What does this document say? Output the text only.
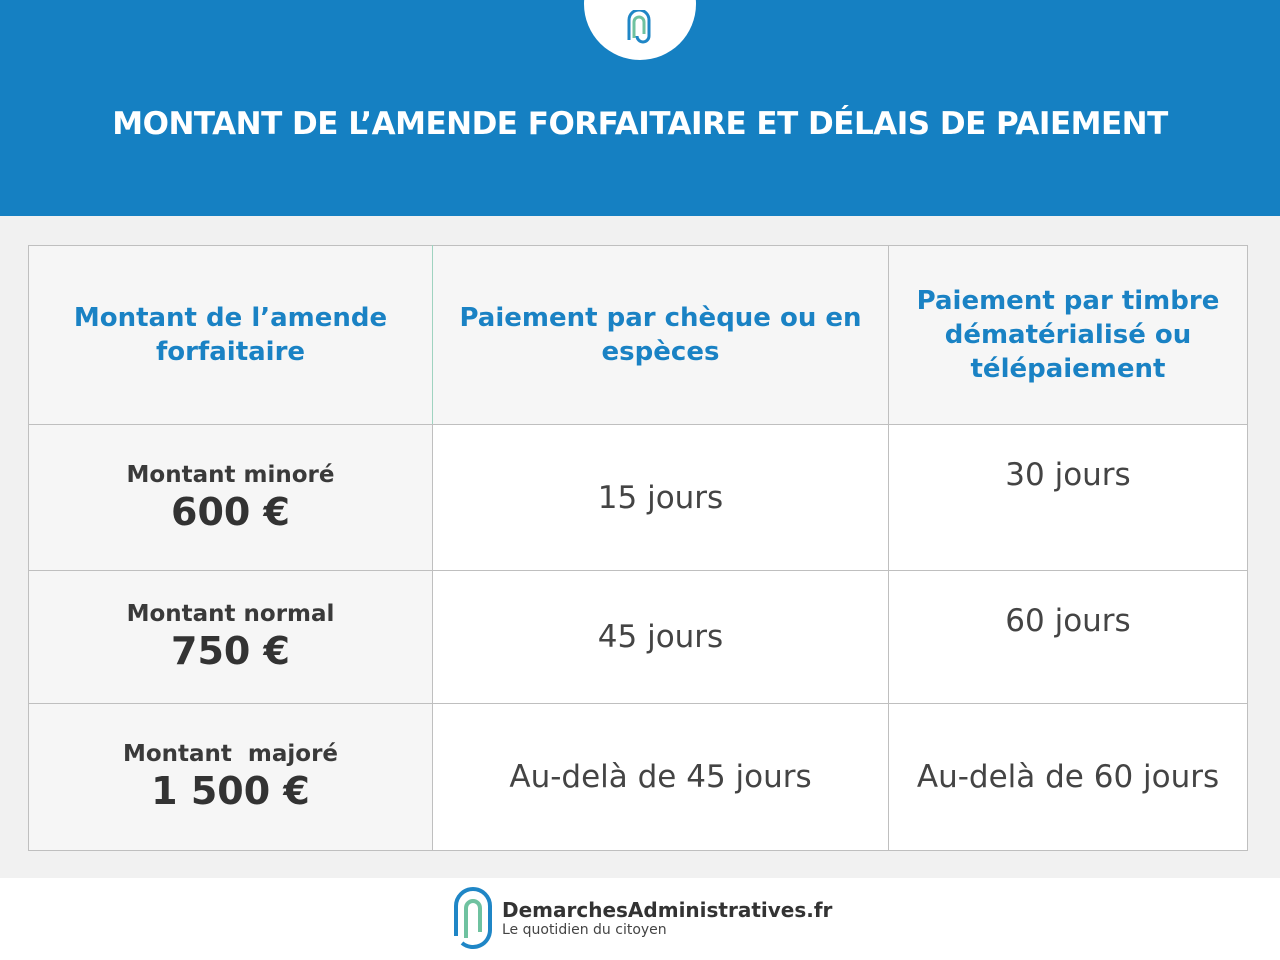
MONTANT DE L’AMENDE FORFAITAIRE ET DÉLAIS DE PAIEMENT
Montant de l’amende forfaitaire	Paiement par chèque ou en espèces	Paiement par timbre dématérialisé ou télépaiement

Montant minoré
600 €	15 jours	30 jours

Montant normal
750 €	45 jours	60 jours

Montant  majoré
1 500 €	Au-delà de 45 jours	Au-delà de 60 jours
DemarchesAdministratives.fr
Le quotidien du citoyen
